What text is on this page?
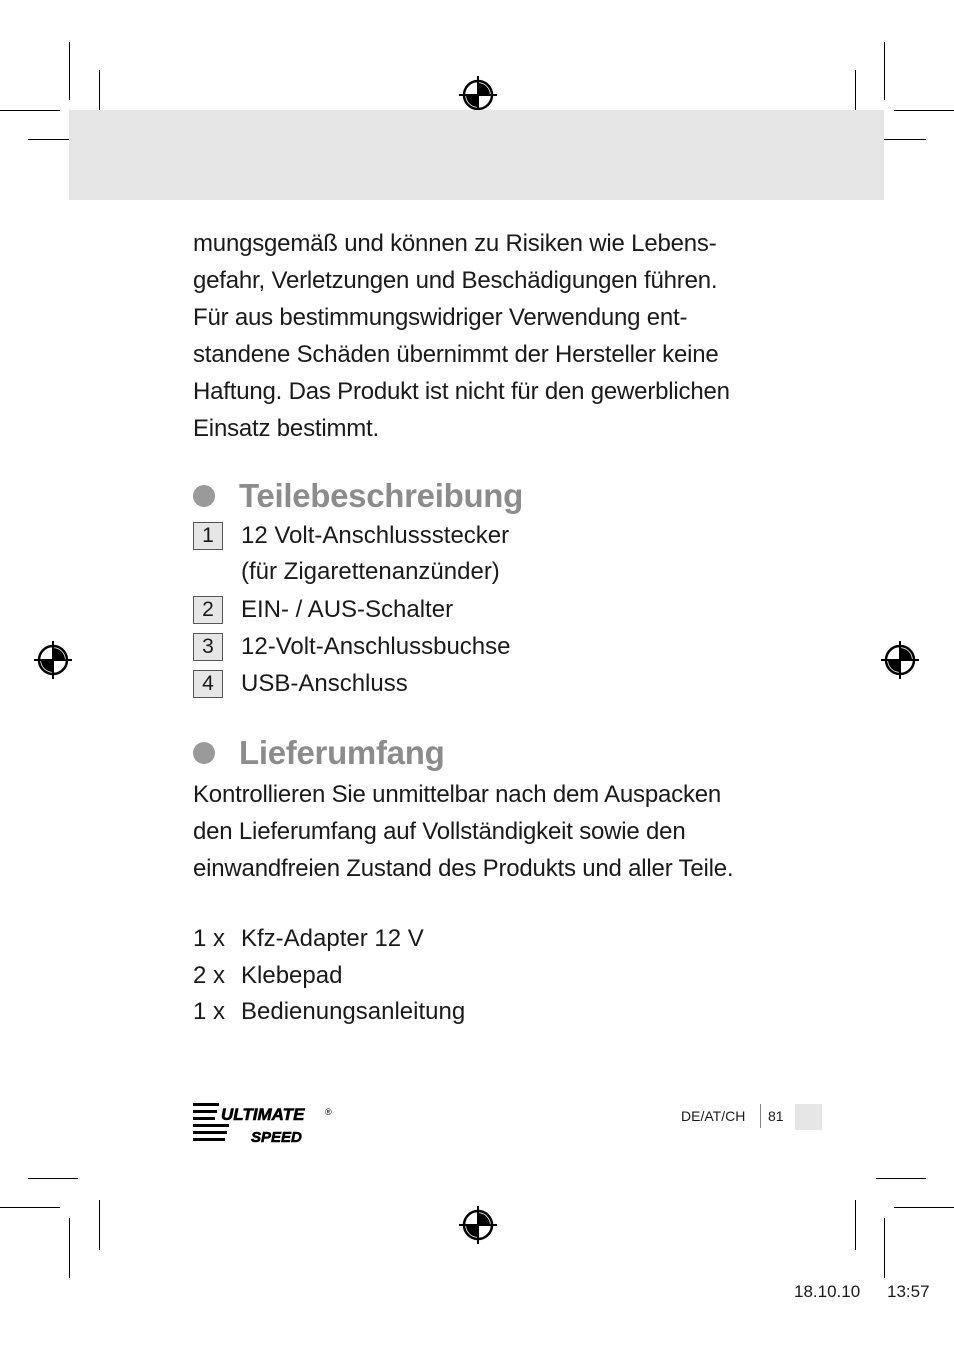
mungsgemäß und können zu Risiken wie Lebens-

gefahr, Verletzungen und Beschädigungen führen.

Für aus bestimmungswidriger Verwendung ent-

standene Schäden übernimmt der Hersteller keine

Haftung. Das Produkt ist nicht für den gewerblichen

Einsatz bestimmt.

Teilebeschreibung
1	12 Volt-Anschlussstecker
(für Zigarettenanzünder)
2	EIN- / AUS-Schalter
3	12-Volt-Anschlussbuchse
4	USB-Anschluss
Lieferumfang

Kontrollieren Sie unmittelbar nach dem Auspacken

den Lieferumfang auf Vollständigkeit sowie den

einwandfreien Zustand des Produkts und aller Teile.

1 x Kfz-Adapter 12 V
2 x Klebepad
1 x Bedienungsanleitung
ULTIMATE
SPEED
®	DE/AT/CH 81
18.10.10 13:57
